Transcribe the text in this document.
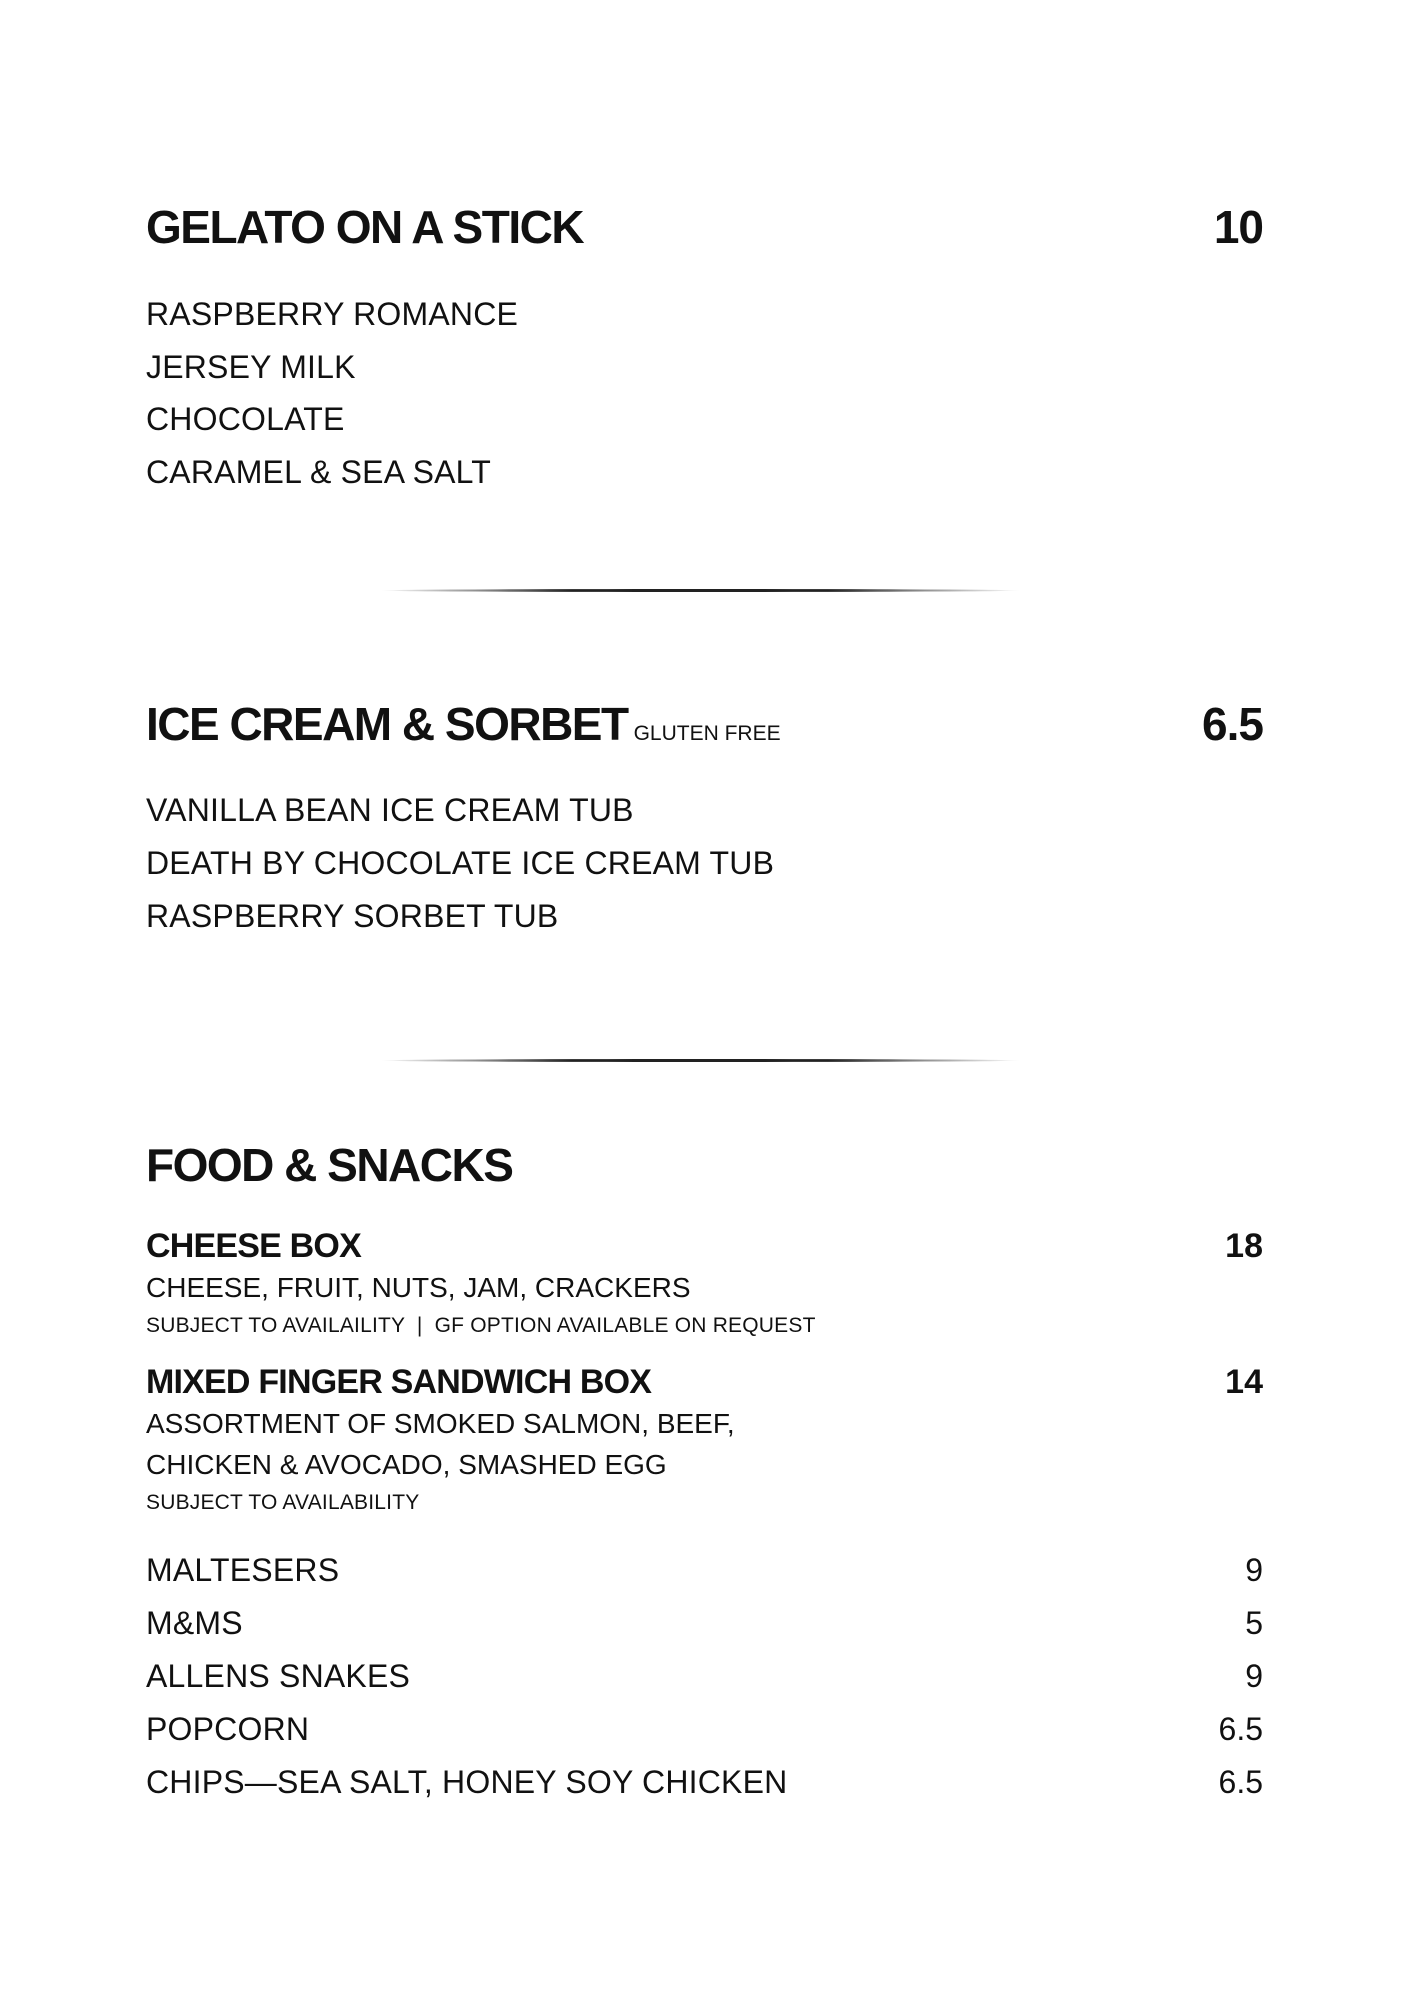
GELATO ON A STICK	10
RASPBERRY ROMANCE
JERSEY MILK
CHOCOLATE
CARAMEL & SEA SALT
ICE CREAM & SORBET GLUTEN FREE	6.5
VANILLA BEAN ICE CREAM TUB
DEATH BY CHOCOLATE ICE CREAM TUB
RASPBERRY SORBET TUB
FOOD & SNACKS
CHEESE BOX	18
CHEESE, FRUIT, NUTS, JAM, CRACKERS
SUBJECT TO AVAILAILITY  |  GF OPTION AVAILABLE ON REQUEST
MIXED FINGER SANDWICH BOX	14
ASSORTMENT OF SMOKED SALMON, BEEF,
CHICKEN & AVOCADO, SMASHED EGG
SUBJECT TO AVAILABILITY
MALTESERS	9
M&MS	5
ALLENS SNAKES	9
POPCORN	6.5
CHIPS—SEA SALT, HONEY SOY CHICKEN	6.5
